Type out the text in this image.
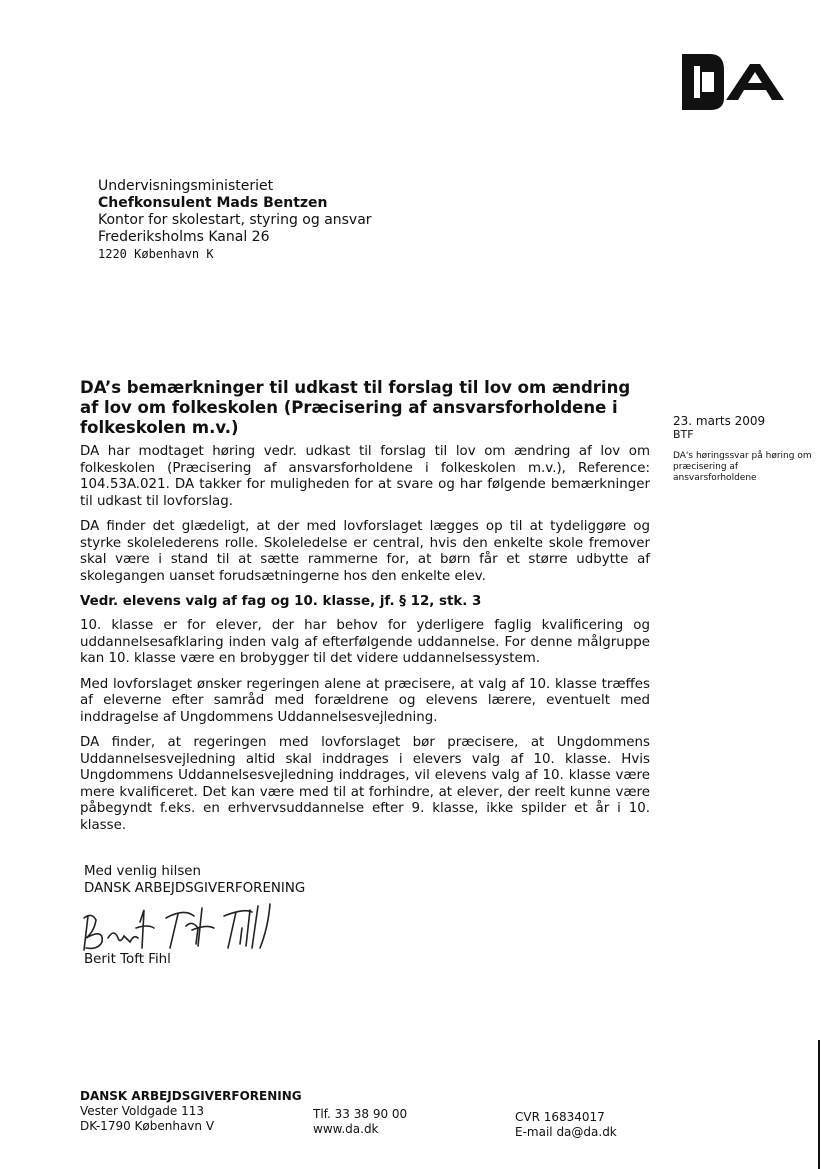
Undervisningsministeriet
Chefkonsulent Mads Bentzen
Kontor for skolestart, styring og ansvar
Frederiksholms Kanal 26
1220 København K
23. marts 2009
BTF
DA's høringssvar på høring om præcisering af ansvarsforholdene
DA’s bemærkninger til udkast til forslag til lov om ændring af lov om folkeskolen (Præcisering af ansvarsforholdene i folkeskolen m.v.)

DA har modtaget høring vedr. udkast til forslag til lov om ændring af lov om folkeskolen (Præcisering af ansvarsforholdene i folkeskolen m.v.), Reference: 104.53A.021. DA takker for muligheden for at svare og har følgende bemærkninger til udkast til lovforslag.

DA finder det glædeligt, at der med lovforslaget lægges op til at tydeliggøre og styrke skolelederens rolle. Skoleledelse er central, hvis den enkelte skole fremover skal være i stand til at sætte rammerne for, at børn får et større udbytte af skolegangen uanset forudsætningerne hos den enkelte elev.

Vedr. elevens valg af fag og 10. klasse, jf. § 12, stk. 3

10. klasse er for elever, der har behov for yderligere faglig kvalificering og uddannelsesafklaring inden valg af efterfølgende uddannelse. For denne målgruppe kan 10. klasse være en brobygger til det videre uddannelsessystem.

Med lovforslaget ønsker regeringen alene at præcisere, at valg af 10. klasse træffes af eleverne efter samråd med forældrene og elevens lærere, eventuelt med inddragelse af Ungdommens Uddannelsesvejledning.

DA finder, at regeringen med lovforslaget bør præcisere, at Ungdommens Uddannelsesvejledning altid skal inddrages i elevers valg af 10. klasse. Hvis Ungdommens Uddannelsesvejledning inddrages, vil elevens valg af 10. klasse være mere kvalificeret. Det kan være med til at forhindre, at elever, der reelt kunne være påbegyndt f.eks. en erhvervsuddannelse efter 9. klasse, ikke spilder et år i 10. klasse.

Med venlig hilsen
DANSK ARBEJDSGIVERFORENING
Berit Toft Fihl
DANSK ARBEJDSGIVERFORENING
Vester Voldgade 113
DK-1790 København V
Tlf. 33 38 90 00
www.da.dk
CVR 16834017
E-mail da@da.dk
